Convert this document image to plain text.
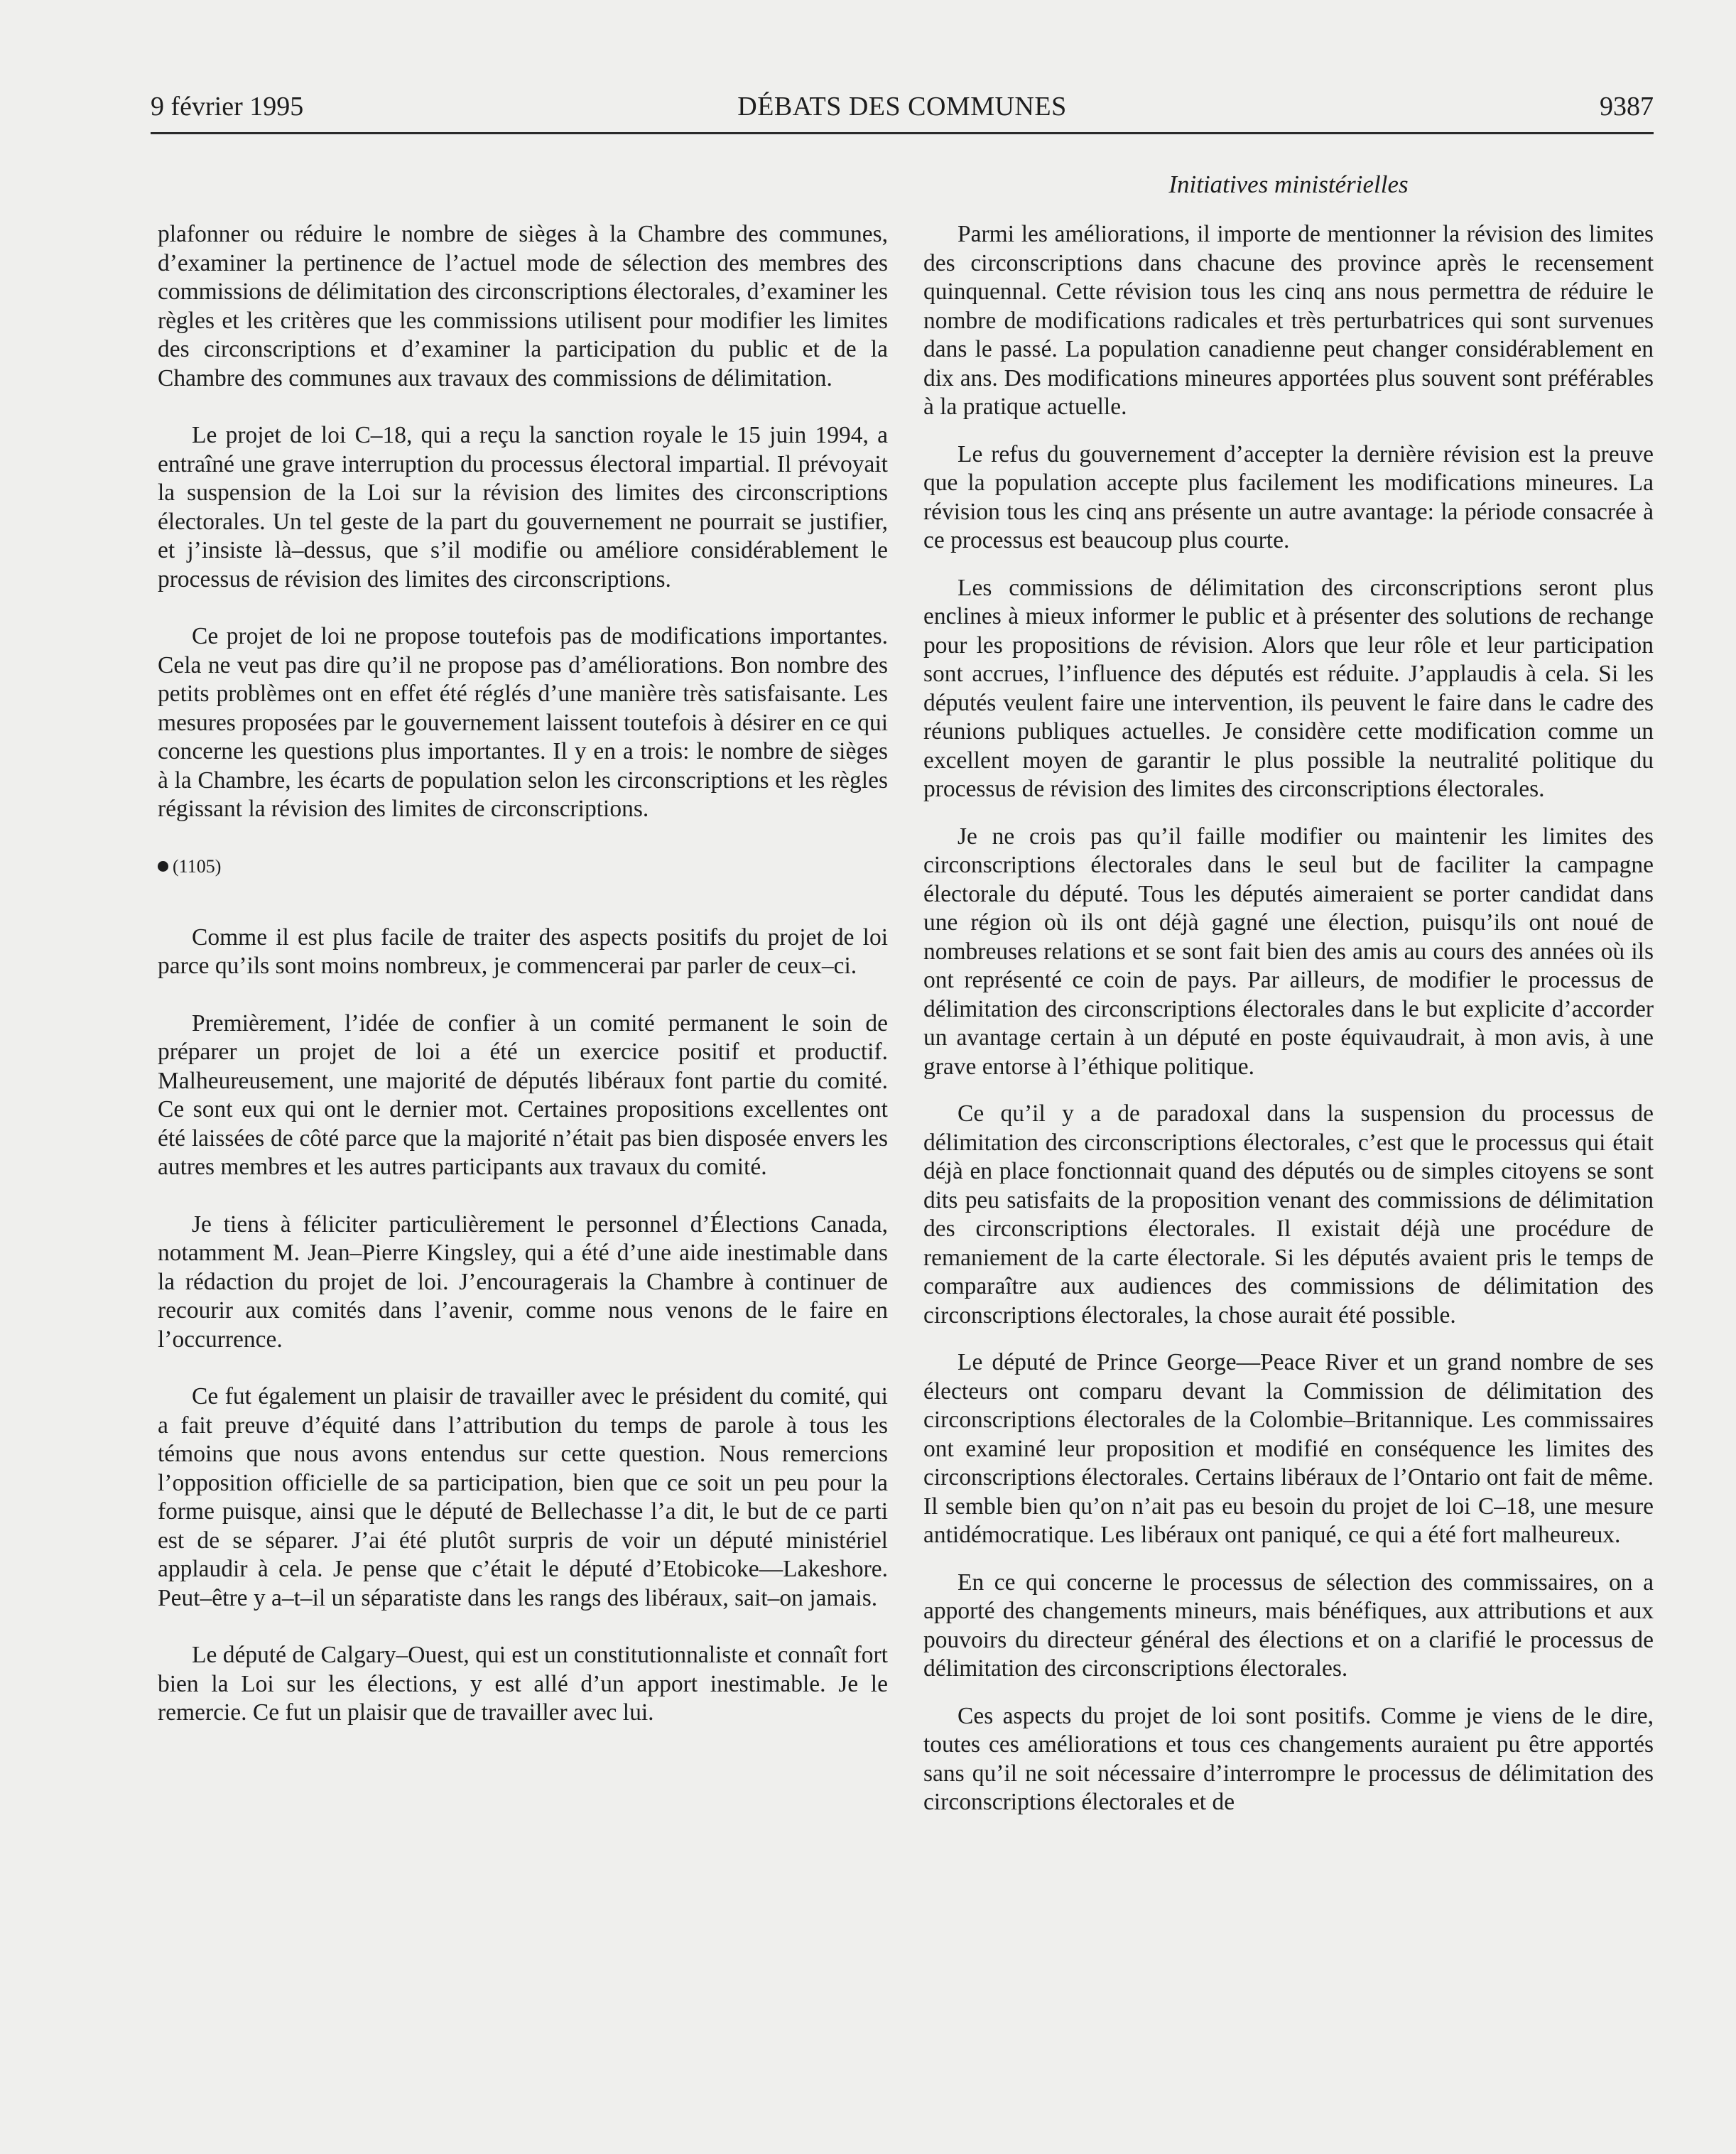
9 février 1995	DÉBATS DES COMMUNES	9387
Initiatives ministérielles

plafonner ou réduire le nombre de sièges à la Chambre des communes, d’examiner la pertinence de l’actuel mode de sélection des membres des commissions de délimitation des circonscriptions électorales, d’examiner les règles et les critères que les commissions utilisent pour modifier les limites des circonscriptions et d’examiner la participation du public et de la Chambre des communes aux travaux des commissions de délimitation.

Le projet de loi C–18, qui a reçu la sanction royale le 15 juin 1994, a entraîné une grave interruption du processus électoral impartial. Il prévoyait la suspension de la Loi sur la révision des limites des circonscriptions électorales. Un tel geste de la part du gouvernement ne pourrait se justifier, et j’insiste là–dessus, que s’il modifie ou améliore considérablement le processus de révision des limites des circonscriptions.

Ce projet de loi ne propose toutefois pas de modifications importantes. Cela ne veut pas dire qu’il ne propose pas d’améliorations. Bon nombre des petits problèmes ont en effet été réglés d’une manière très satisfaisante. Les mesures proposées par le gouvernement laissent toutefois à désirer en ce qui concerne les questions plus importantes. Il y en a trois: le nombre de sièges à la Chambre, les écarts de population selon les circonscriptions et les règles régissant la révision des limites de circonscriptions.

(1105)

Comme il est plus facile de traiter des aspects positifs du projet de loi parce qu’ils sont moins nombreux, je commencerai par parler de ceux–ci.

Premièrement, l’idée de confier à un comité permanent le soin de préparer un projet de loi a été un exercice positif et productif. Malheureusement, une majorité de députés libéraux font partie du comité. Ce sont eux qui ont le dernier mot. Certaines propositions excellentes ont été laissées de côté parce que la majorité n’était pas bien disposée envers les autres membres et les autres participants aux travaux du comité.

Je tiens à féliciter particulièrement le personnel d’Élections Canada, notamment M. Jean–Pierre Kingsley, qui a été d’une aide inestimable dans la rédaction du projet de loi. J’encouragerais la Chambre à continuer de recourir aux comités dans l’avenir, comme nous venons de le faire en l’occurrence.

Ce fut également un plaisir de travailler avec le président du comité, qui a fait preuve d’équité dans l’attribution du temps de parole à tous les témoins que nous avons entendus sur cette question. Nous remercions l’opposition officielle de sa participation, bien que ce soit un peu pour la forme puisque, ainsi que le député de Bellechasse l’a dit, le but de ce parti est de se séparer. J’ai été plutôt surpris de voir un député ministériel applaudir à cela. Je pense que c’était le député d’Etobicoke—Lakeshore. Peut–être y a–t–il un séparatiste dans les rangs des libéraux, sait–on jamais.

Le député de Calgary–Ouest, qui est un constitutionnaliste et connaît fort bien la Loi sur les élections, y est allé d’un apport inestimable. Je le remercie. Ce fut un plaisir que de travailler avec lui.

Parmi les améliorations, il importe de mentionner la révision des limites des circonscriptions dans chacune des province après le recensement quinquennal. Cette révision tous les cinq ans nous permettra de réduire le nombre de modifications radicales et très perturbatrices qui sont survenues dans le passé. La population canadienne peut changer considérablement en dix ans. Des modifications mineures apportées plus souvent sont préférables à la pratique actuelle.

Le refus du gouvernement d’accepter la dernière révision est la preuve que la population accepte plus facilement les modifications mineures. La révision tous les cinq ans présente un autre avantage: la période consacrée à ce processus est beaucoup plus courte.

Les commissions de délimitation des circonscriptions seront plus enclines à mieux informer le public et à présenter des solutions de rechange pour les propositions de révision. Alors que leur rôle et leur participation sont accrues, l’influence des députés est réduite. J’applaudis à cela. Si les députés veulent faire une intervention, ils peuvent le faire dans le cadre des réunions publiques actuelles. Je considère cette modification comme un excellent moyen de garantir le plus possible la neutralité politique du processus de révision des limites des circonscriptions électorales.

Je ne crois pas qu’il faille modifier ou maintenir les limites des circonscriptions électorales dans le seul but de faciliter la campagne électorale du député. Tous les députés aimeraient se porter candidat dans une région où ils ont déjà gagné une élection, puisqu’ils ont noué de nombreuses relations et se sont fait bien des amis au cours des années où ils ont représenté ce coin de pays. Par ailleurs, de modifier le processus de délimitation des circonscriptions électorales dans le but explicite d’accorder un avantage certain à un député en poste équivaudrait, à mon avis, à une grave entorse à l’éthique politique.

Ce qu’il y a de paradoxal dans la suspension du processus de délimitation des circonscriptions électorales, c’est que le processus qui était déjà en place fonctionnait quand des députés ou de simples citoyens se sont dits peu satisfaits de la proposition venant des commissions de délimitation des circonscriptions électorales. Il existait déjà une procédure de remaniement de la carte électorale. Si les députés avaient pris le temps de comparaître aux audiences des commissions de délimitation des circonscriptions électorales, la chose aurait été possible.

Le député de Prince George—Peace River et un grand nombre de ses électeurs ont comparu devant la Commission de délimitation des circonscriptions électorales de la Colombie–Britannique. Les commissaires ont examiné leur proposition et modifié en conséquence les limites des circonscriptions électorales. Certains libéraux de l’Ontario ont fait de même. Il semble bien qu’on n’ait pas eu besoin du projet de loi C–18, une mesure antidémocratique. Les libéraux ont paniqué, ce qui a été fort malheureux.

En ce qui concerne le processus de sélection des commissaires, on a apporté des changements mineurs, mais bénéfiques, aux attributions et aux pouvoirs du directeur général des élections et on a clarifié le processus de délimitation des circonscriptions électorales.

Ces aspects du projet de loi sont positifs. Comme je viens de le dire, toutes ces améliorations et tous ces changements auraient pu être apportés sans qu’il ne soit nécessaire d’interrompre le processus de délimitation des circonscriptions électorales et de
